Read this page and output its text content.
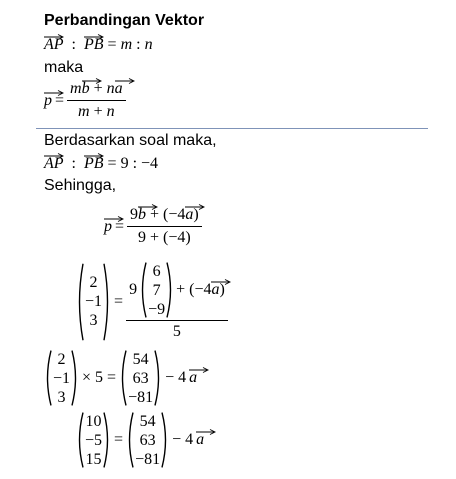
Perbandingan Vektor
AP  :
PB = m : n
maka
p = m
b + n
a
m + n
Berdasarkan soal maka,
AP  :
PB = 9 : −4
Sehingga,
p = 9
b + (−4
a)
9 + (−4)
2
−1
3
=
9
6
7
−9
+ (−4 a )
5
2
−1
3
× 5 =
54
63
−81
− 4 a
10
−5
15
=
54
63
−81
− 4 a
